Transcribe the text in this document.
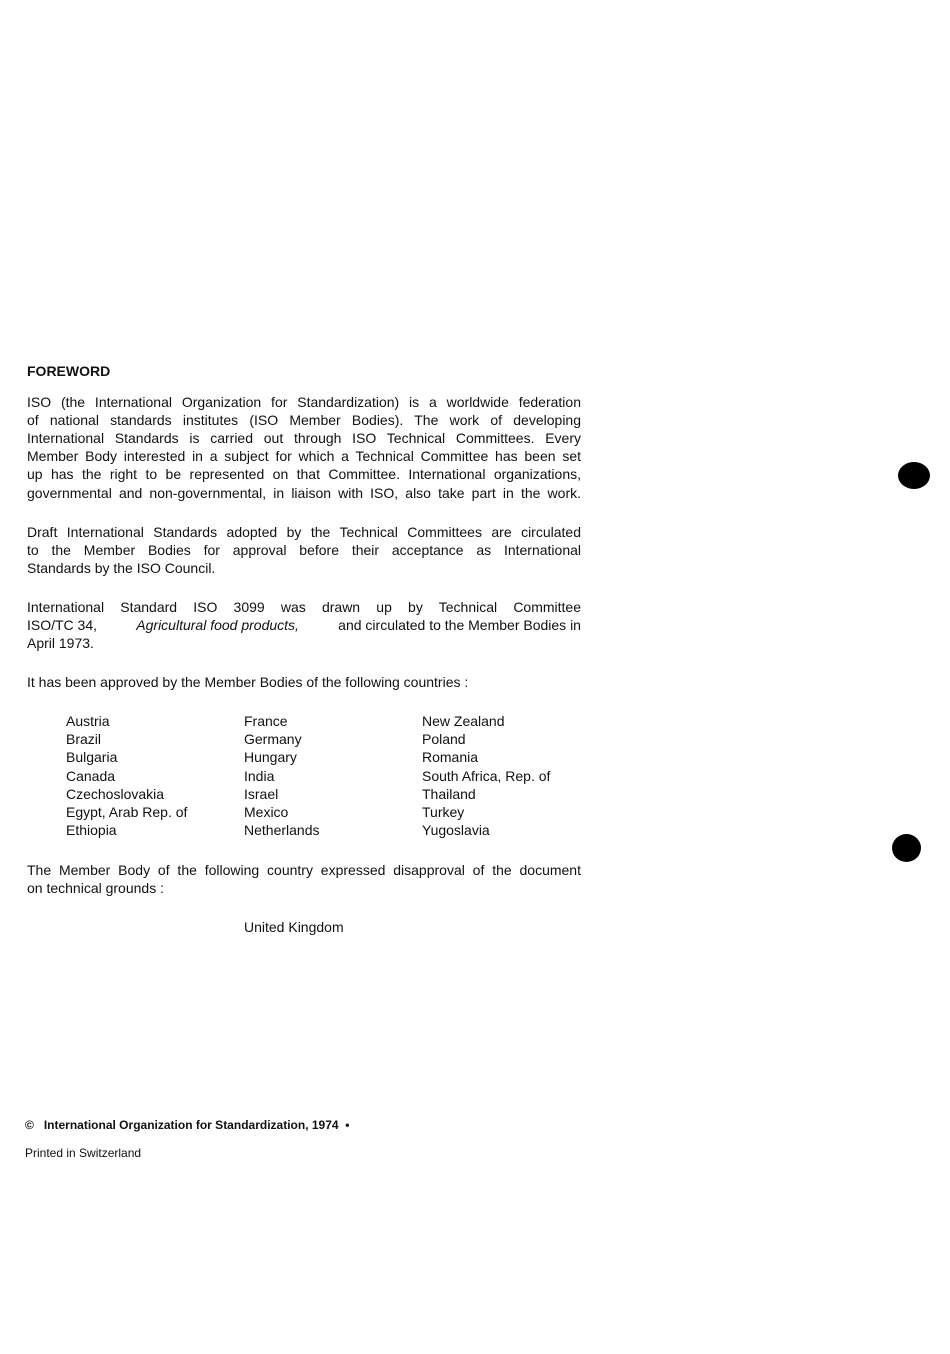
FOREWORD
ISO (the International Organization for Standardization) is a worldwide federation
of national standards institutes (ISO Member Bodies). The work of developing
International Standards is carried out through ISO Technical Committees. Every
Member Body interested in a subject for which a Technical Committee has been set
up has the right to be represented on that Committee. International organizations,
governmental and non-governmental, in liaison with ISO, also take part in the work.
Draft International Standards adopted by the Technical Committees are circulated
to the Member Bodies for approval before their acceptance as International
Standards by the ISO Council.
International Standard ISO 3099 was drawn up by Technical Committee
ISO/TC 34,	Agricultural food products,	and circulated to the Member Bodies in
April 1973.
It has been approved by the Member Bodies of the following countries :
Austria
Brazil
Bulgaria
Canada
Czechoslovakia
Egypt, Arab Rep. of
Ethiopia
France
Germany
Hungary
India
Israel
Mexico
Netherlands
New Zealand
Poland
Romania
South Africa, Rep. of
Thailand
Turkey
Yugoslavia
The Member Body of the following country expressed disapproval of the document
on technical grounds :
United Kingdom
©   International Organization for Standardization, 1974  •
Printed in Switzerland
